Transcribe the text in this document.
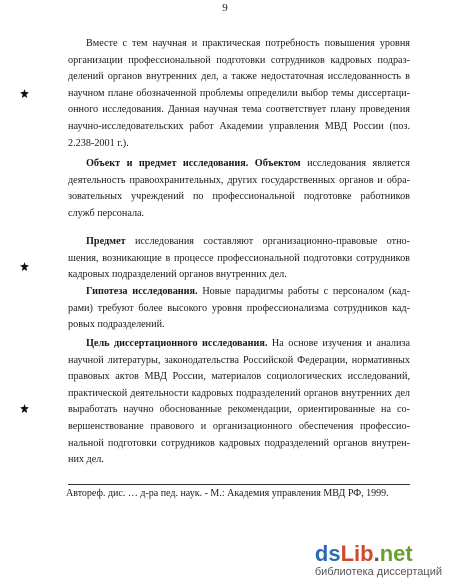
9
Вместе с тем научная и практическая потребность повышения уровня
организации профессиональной подготовки сотрудников кадровых подраз-
делений органов внутренних дел, а также недостаточная исследованность в
научном плане обозначенной проблемы определили выбор темы диссертаци-
онного исследования. Данная научная тема соответствует плану проведения
научно-исследовательских работ Академии управления МВД России (поз.
2.238-2001 г.).
Объект и предмет исследования. Объектом исследования является
деятельность правоохранительных, других государственных органов и обра-
зовательных учреждений по профессиональной подготовке работников
служб персонала.
Предмет исследования составляют организационно-правовые отно-
шения, возникающие в процессе профессиональной подготовки сотрудников
кадровых подразделений органов внутренних дел.
Гипотеза исследования. Новые парадигмы работы с персоналом (кад-
рами) требуют более высокого уровня профессионализма сотрудников кад-
ровых подразделений.
Цель диссертационного исследования. На основе изучения и анализа
научной литературы, законодательства Российской Федерации, нормативных
правовых актов МВД России, материалов социологических исследований,
практической деятельности кадровых подразделений органов внутренних дел
выработать научно обоснованные рекомендации, ориентированные на со-
вершенствование правового и организационного обеспечения профессио-
нальной подготовки сотрудников кадровых подразделений органов внутрен-
них дел.
Автореф. дис. … д-ра пед. наук. - М.: Академия управления МВД РФ, 1999.
dsLib.net
библиотека диссертаций
